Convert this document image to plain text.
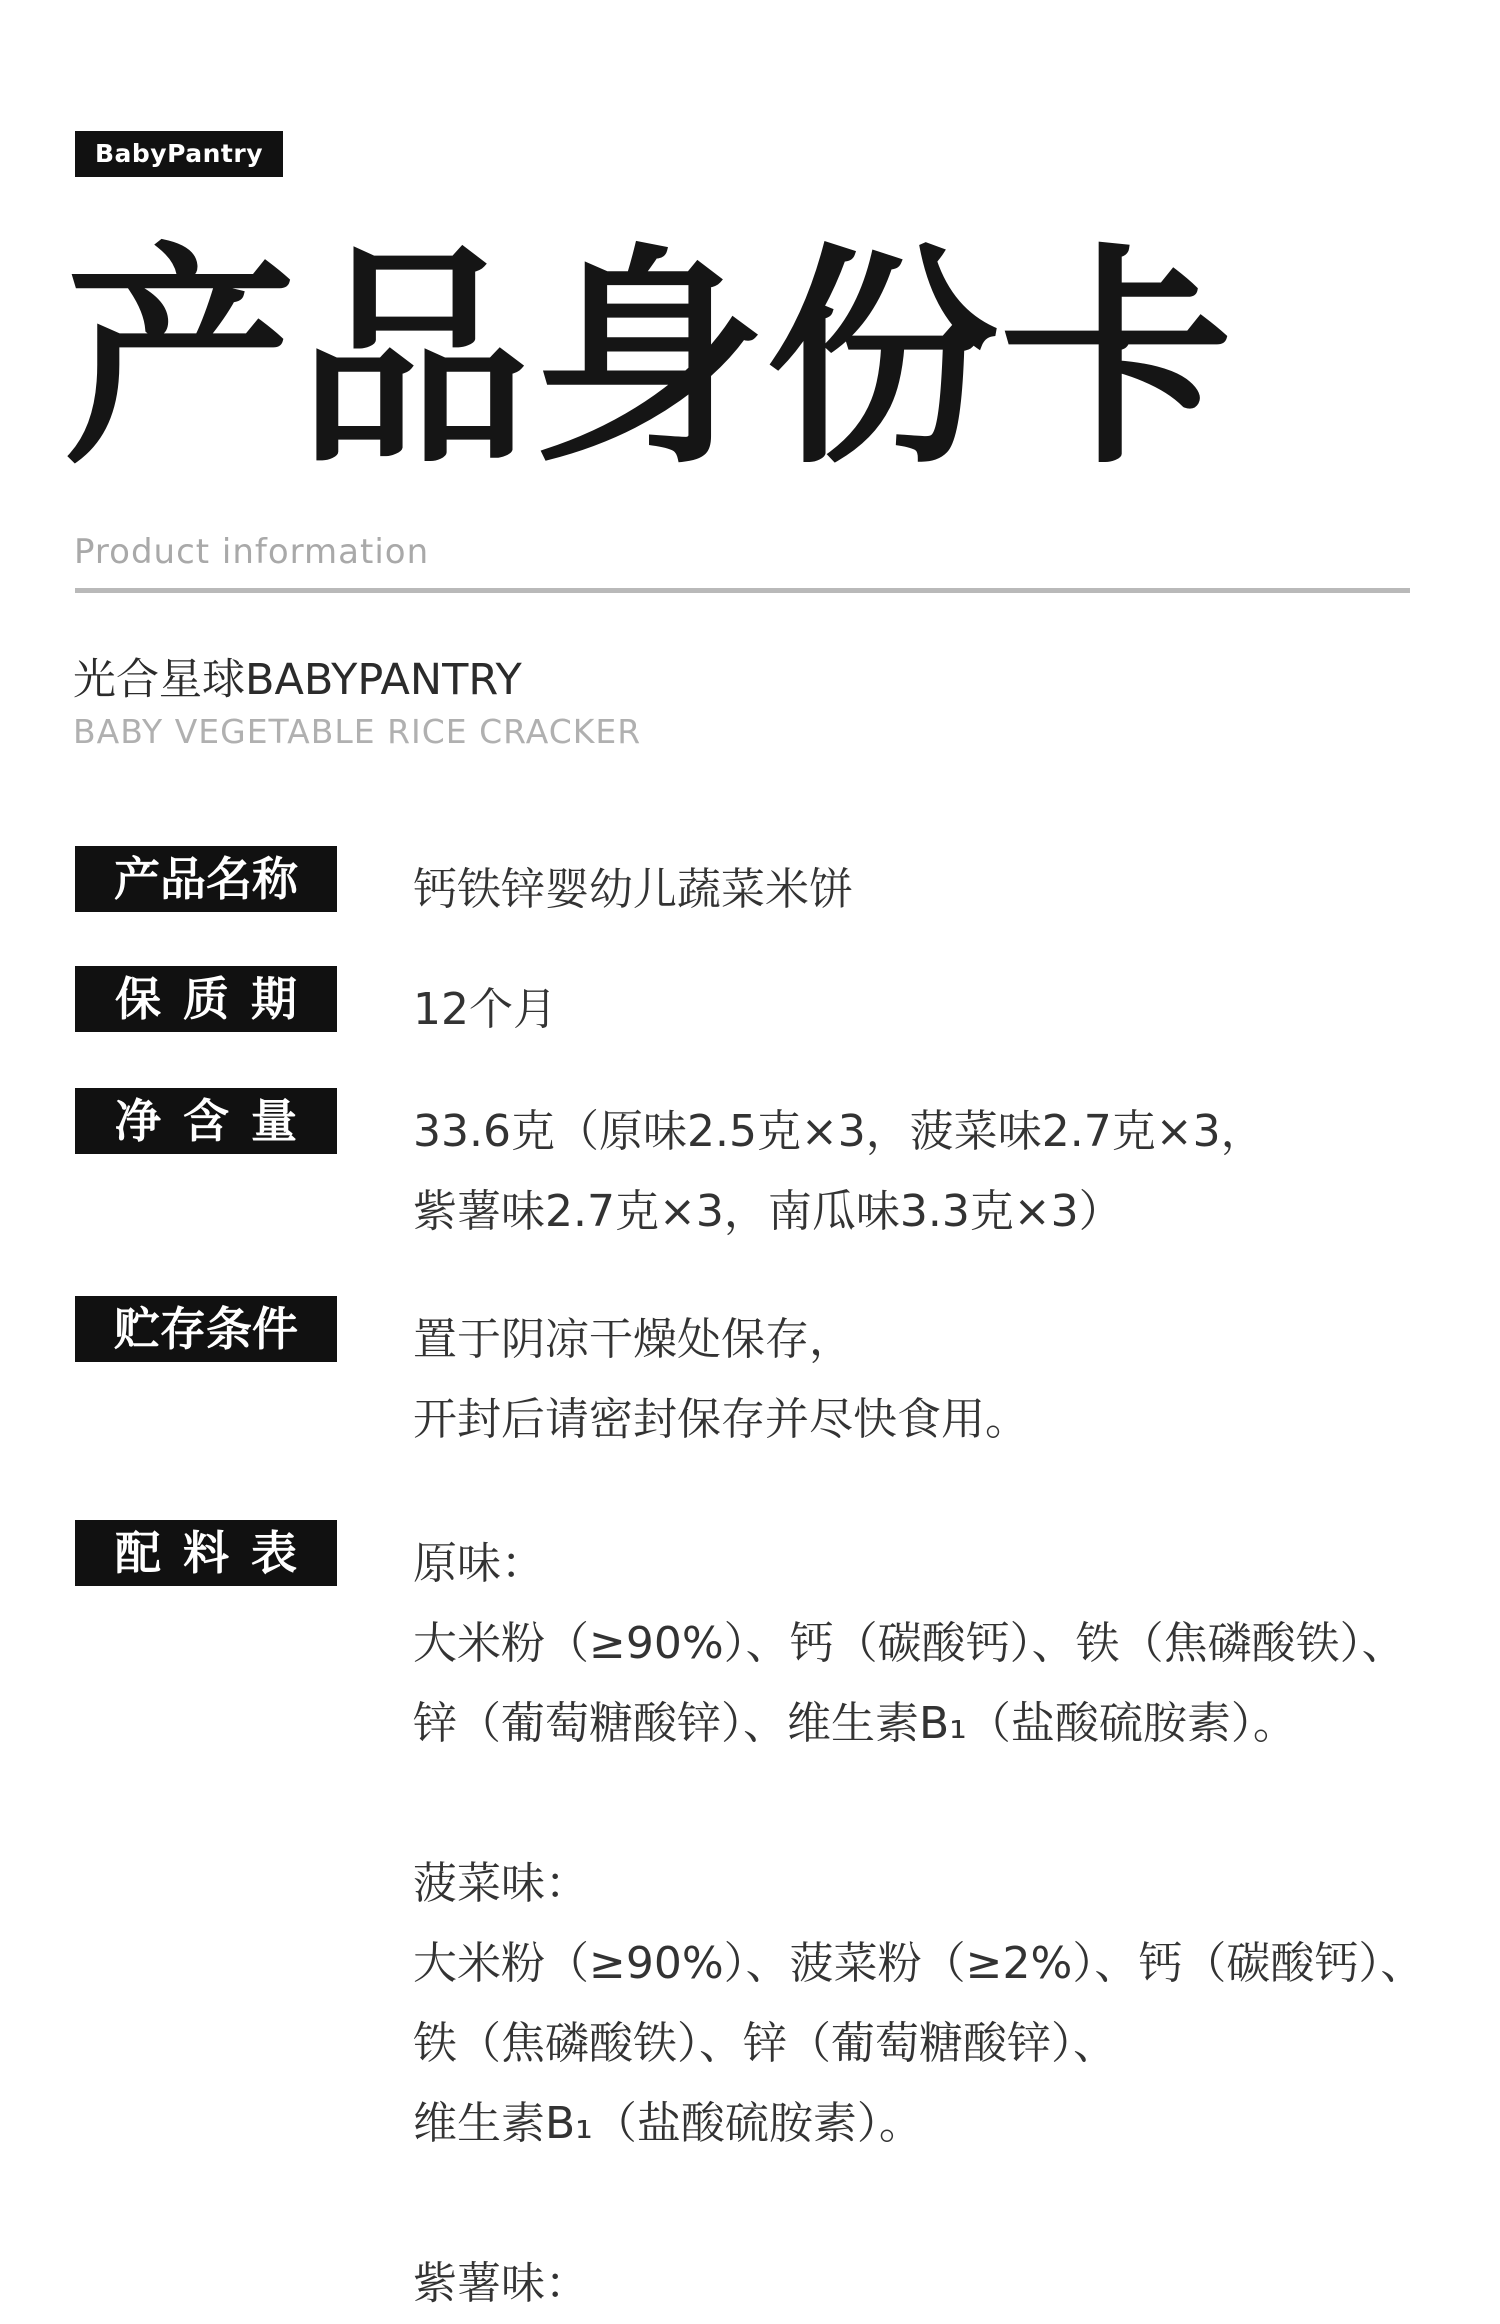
BabyPantry
产品身份卡
Product information
光合星球BABYPANTRY
BABY VEGETABLE RICE CRACKER
产品名称	钙铁锌婴幼儿蔬菜米饼

保质期	12个月

净含量	33.6克（原味2.5克×3，菠菜味2.7克×3，

紫薯味2.7克×3，南瓜味3.3克×3）

贮存条件	置于阴凉干燥处保存，

开封后请密封保存并尽快食用。

配料表	原味：

大米粉（≥90%）、钙（碳酸钙）、铁（焦磷酸铁）、

锌（葡萄糖酸锌）、维生素B₁（盐酸硫胺素）。

菠菜味：

大米粉（≥90%）、菠菜粉（≥2%）、钙（碳酸钙）、

铁（焦磷酸铁）、锌（葡萄糖酸锌）、

维生素B₁（盐酸硫胺素）。

紫薯味：
